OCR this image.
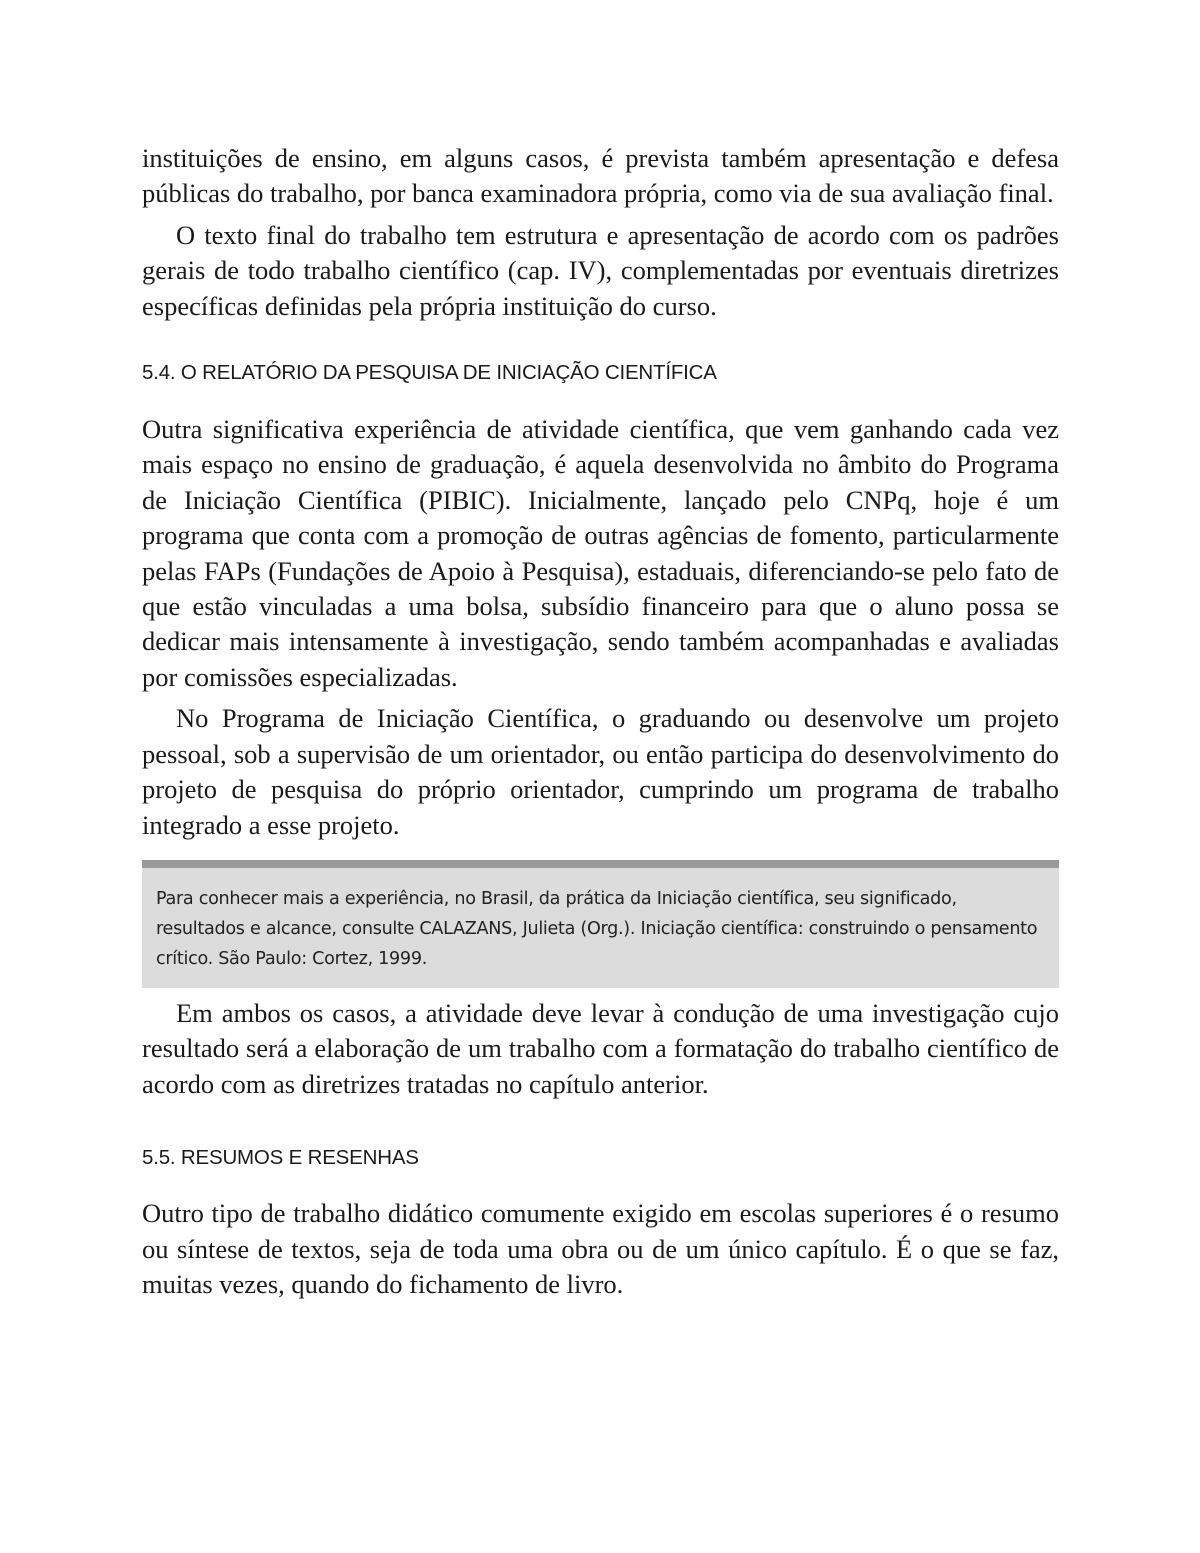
instituições de ensino, em alguns casos, é prevista também apresentação e defesa públicas do trabalho, por banca examinadora própria, como via de sua avaliação final.

O texto final do trabalho tem estrutura e apresentação de acordo com os padrões gerais de todo trabalho científico (cap. IV), complementadas por eventuais diretrizes específicas definidas pela própria instituição do curso.

5.4. O RELATÓRIO DA PESQUISA DE INICIAÇÃO CIENTÍFICA

Outra significativa experiência de atividade científica, que vem ganhando cada vez mais espaço no ensino de graduação, é aquela desenvolvida no âmbito do Programa de Iniciação Científica (PIBIC). Inicialmente, lançado pelo CNPq, hoje é um programa que conta com a promoção de outras agências de fomento, particularmente pelas FAPs (Fundações de Apoio à Pesquisa), estaduais, diferenciando-se pelo fato de que estão vinculadas a uma bolsa, subsídio financeiro para que o aluno possa se dedicar mais intensamente à investigação, sendo também acompanhadas e avaliadas por comissões especializadas.

No Programa de Iniciação Científica, o graduando ou desenvolve um projeto pessoal, sob a supervisão de um orientador, ou então participa do desenvolvimento do projeto de pesquisa do próprio orientador, cumprindo um programa de trabalho integrado a esse projeto.

Para conhecer mais a experiência, no Brasil, da prática da Iniciação científica, seu significado, resultados e alcance, consulte CALAZANS, Julieta (Org.). Iniciação científica: construindo o pensamento crítico. São Paulo: Cortez, 1999.

Em ambos os casos, a atividade deve levar à condução de uma investigação cujo resultado será a elaboração de um trabalho com a formatação do trabalho científico de acordo com as diretrizes tratadas no capítulo anterior.

5.5. RESUMOS E RESENHAS

Outro tipo de trabalho didático comumente exigido em escolas superiores é o resumo ou síntese de textos, seja de toda uma obra ou de um único capítulo. É o que se faz, muitas vezes, quando do fichamento de livro.
